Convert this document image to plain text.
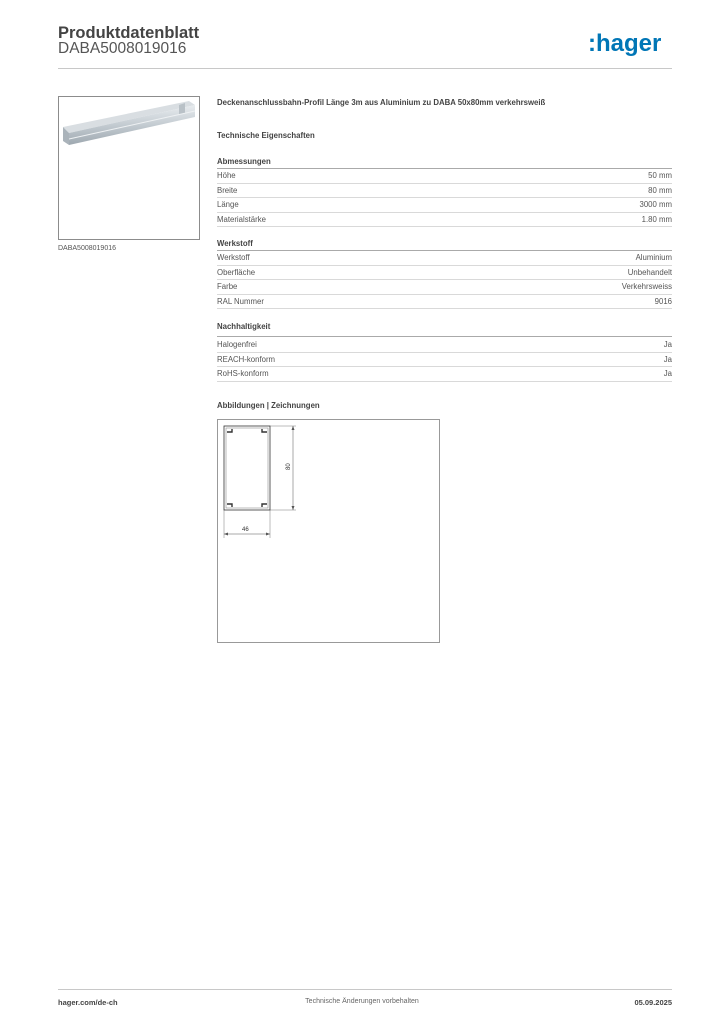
Produktdatenblatt
DABA5008019016	:hager
DABA5008019016
Deckenanschlussbahn-Profil Länge 3m aus Aluminium zu DABA 50x80mm verkehrsweiß
Technische Eigenschaften
Abmessungen
Höhe	50 mm
Breite	80 mm
Länge	3000 mm
Materialstärke	1.80 mm
Werkstoff
Werkstoff	Aluminium
Oberfläche	Unbehandelt
Farbe	Verkehrsweiss
RAL Nummer	9016
Nachhaltigkeit
Halogenfrei	Ja
REACH-konform	Ja
RoHS-konform	Ja
Abbildungen | Zeichnungen
80
46
hager.com/de-ch	Technische Änderungen vorbehalten	05.09.2025
